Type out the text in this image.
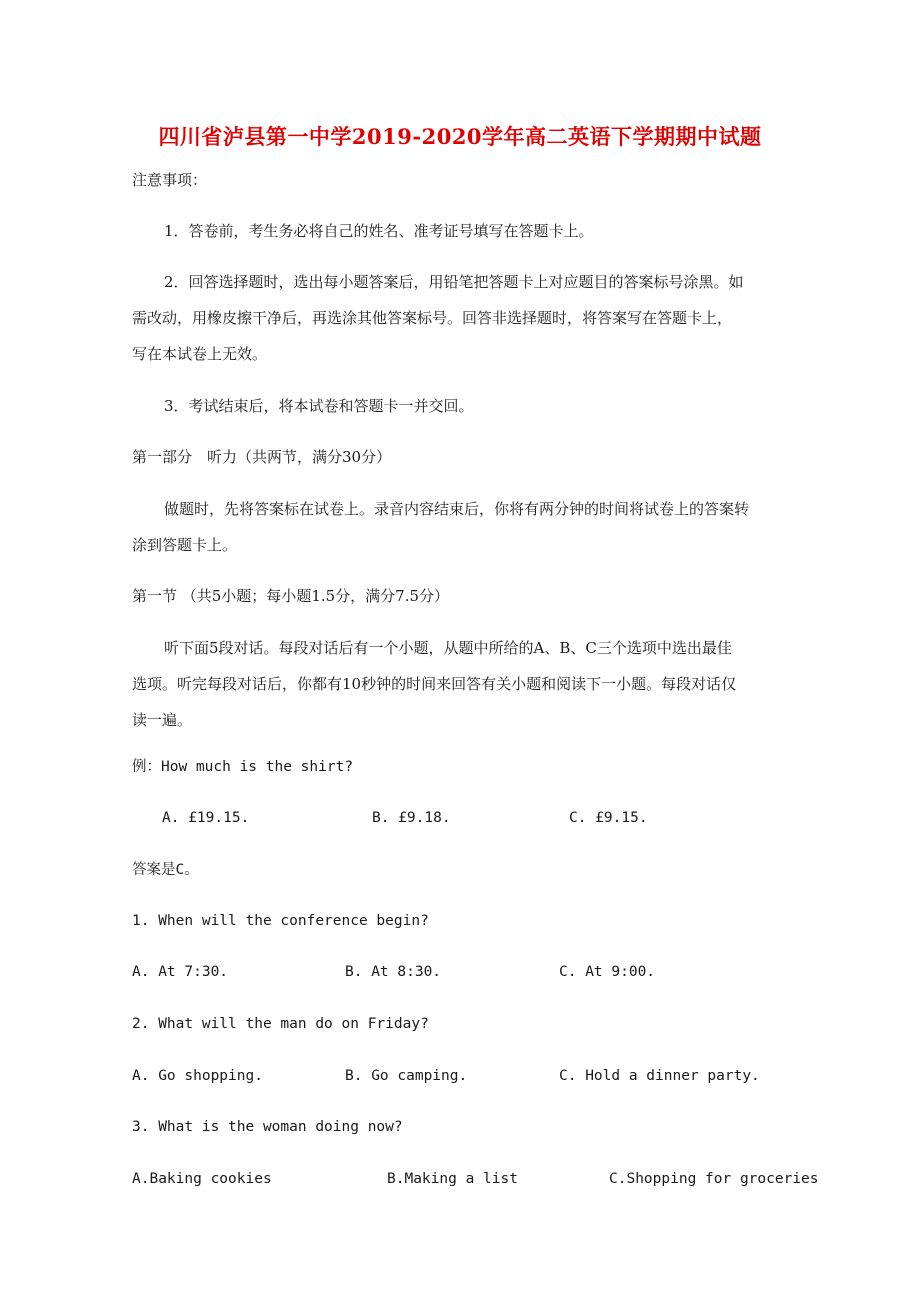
四川省泸县第一中学2019-2020学年高二英语下学期期中试题
注意事项：
1．答卷前，考生务必将自己的姓名、准考证号填写在答题卡上。
2．回答选择题时，选出每小题答案后，用铅笔把答题卡上对应题目的答案标号涂黑。如
需改动，用橡皮擦干净后，再选涂其他答案标号。回答非选择题时，将答案写在答题卡上，
写在本试卷上无效。
3．考试结束后，将本试卷和答题卡一并交回。
第一部分　听力（共两节，满分30分）
做题时，先将答案标在试卷上。录音内容结束后，你将有两分钟的时间将试卷上的答案转
涂到答题卡上。
第一节 （共5小题；每小题1.5分，满分7.5分）
听下面5段对话。每段对话后有一个小题，从题中所给的A、B、C三个选项中选出最佳
选项。听完每段对话后，你都有10秒钟的时间来回答有关小题和阅读下一小题。每段对话仅
读一遍。
例：How much is the shirt?
A. £19.15.	B. £9.18.	C. £9.15.
答案是C。
1. When will the conference begin?
A. At 7:30.	B. At 8:30.	C. At 9:00.
2. What will the man do on Friday?
A. Go shopping.	B. Go camping.	C. Hold a dinner party.
3. What is the woman doing now?
A.Baking cookies	B.Making a list	C.Shopping for groceries
